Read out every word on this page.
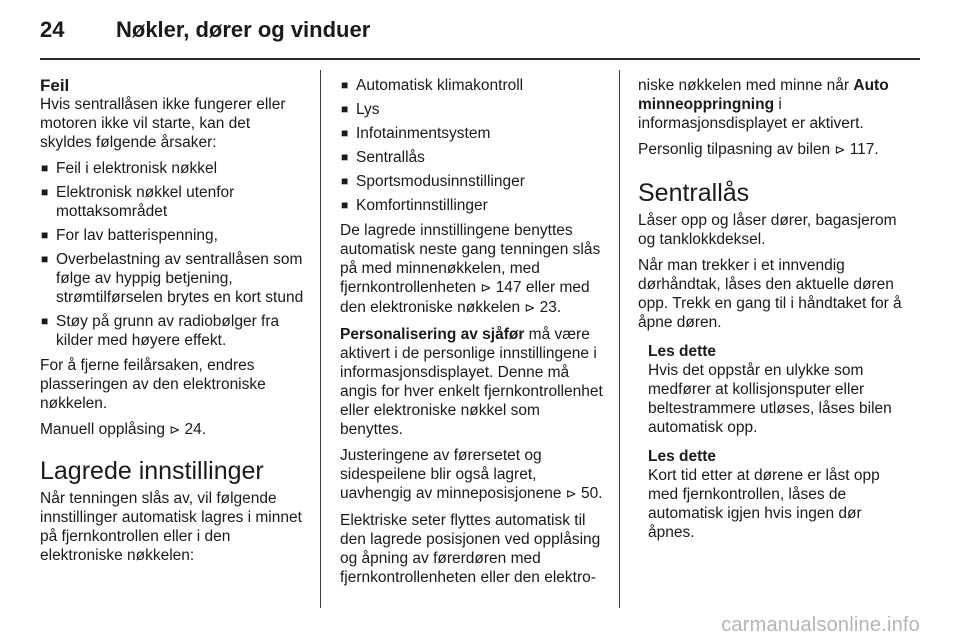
24	Nøkler, dører og vinduer
Feil

Hvis sentrallåsen ikke fungerer eller motoren ikke vil starte, kan det skyldes følgende årsaker:

■ Feil i elektronisk nøkkel
■ Elektronisk nøkkel utenfor mottaksområdet
■ For lav batterispenning,
■ Overbelastning av sentrallåsen som følge av hyppig betjening, strømtilførselen brytes en kort stund
■ Støy på grunn av radiobølger fra kilder med høyere effekt.

For å fjerne feilårsaken, endres plasseringen av den elektroniske nøkkelen.

Manuell opplåsing ⊳ 24.

Lagrede innstillinger

Når tenningen slås av, vil følgende innstillinger automatisk lagres i minnet på fjernkontrollen eller i den elektroniske nøkkelen:

■ Automatisk klimakontroll
■ Lys
■ Infotainmentsystem
■ Sentrallås
■ Sportsmodusinnstillinger
■ Komfortinnstillinger

De lagrede innstillingene benyttes automatisk neste gang tenningen slås på med minnenøkkelen, med fjernkontrollenheten ⊳ 147 eller med den elektroniske nøkkelen ⊳ 23.

Personalisering av sjåfør må være aktivert i de personlige innstillingene i informasjonsdisplayet. Denne må angis for hver enkelt fjernkontrollenhet eller elektroniske nøkkel som benyttes.

Justeringene av førersetet og sidespeilene blir også lagret, uavhengig av minneposisjonene ⊳ 50.

Elektriske seter flyttes automatisk til den lagrede posisjonen ved opplåsing og åpning av førerdøren med fjernkontrollenheten eller den elektro-

niske nøkkelen med minne når Auto minneoppringning i informasjonsdisplayet er aktivert.

Personlig tilpasning av bilen ⊳ 117.

Sentrallås

Låser opp og låser dører, bagasjerom og tanklokkdeksel.

Når man trekker i et innvendig dørhåndtak, låses den aktuelle døren opp. Trekk en gang til i håndtaket for å åpne døren.

Les dette
Hvis det oppstår en ulykke som medfører at kollisjonsputer eller beltestrammere utløses, låses bilen automatisk opp.
Les dette
Kort tid etter at dørene er låst opp med fjernkontrollen, låses de automatisk igjen hvis ingen dør åpnes.
carmanualsonline.info
